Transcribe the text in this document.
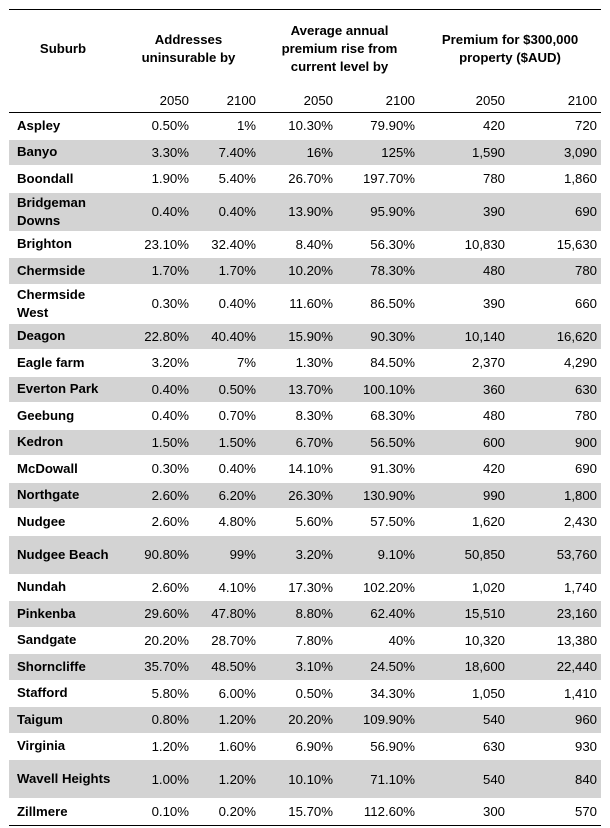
Suburb	Addresses uninsurable by		Average annual premium rise from current level by		Premium for $300,000 property ($AUD)	
	2050	2100	2050	2100	2050	2100
Aspley	0.50%	1%	10.30%	79.90%	420	720
Banyo	3.30%	7.40%	16%	125%	1,590	3,090
Boondall	1.90%	5.40%	26.70%	197.70%	780	1,860
Bridgeman Downs	0.40%	0.40%	13.90%	95.90%	390	690
Brighton	23.10%	32.40%	8.40%	56.30%	10,830	15,630
Chermside	1.70%	1.70%	10.20%	78.30%	480	780
Chermside West	0.30%	0.40%	11.60%	86.50%	390	660
Deagon	22.80%	40.40%	15.90%	90.30%	10,140	16,620
Eagle farm	3.20%	7%	1.30%	84.50%	2,370	4,290
Everton Park	0.40%	0.50%	13.70%	100.10%	360	630
Geebung	0.40%	0.70%	8.30%	68.30%	480	780
Kedron	1.50%	1.50%	6.70%	56.50%	600	900
McDowall	0.30%	0.40%	14.10%	91.30%	420	690
Northgate	2.60%	6.20%	26.30%	130.90%	990	1,800
Nudgee	2.60%	4.80%	5.60%	57.50%	1,620	2,430
Nudgee Beach	90.80%	99%	3.20%	9.10%	50,850	53,760
Nundah	2.60%	4.10%	17.30%	102.20%	1,020	1,740
Pinkenba	29.60%	47.80%	8.80%	62.40%	15,510	23,160
Sandgate	20.20%	28.70%	7.80%	40%	10,320	13,380
Shorncliffe	35.70%	48.50%	3.10%	24.50%	18,600	22,440
Stafford	5.80%	6.00%	0.50%	34.30%	1,050	1,410
Taigum	0.80%	1.20%	20.20%	109.90%	540	960
Virginia	1.20%	1.60%	6.90%	56.90%	630	930
Wavell Heights	1.00%	1.20%	10.10%	71.10%	540	840
Zillmere	0.10%	0.20%	15.70%	112.60%	300	570
